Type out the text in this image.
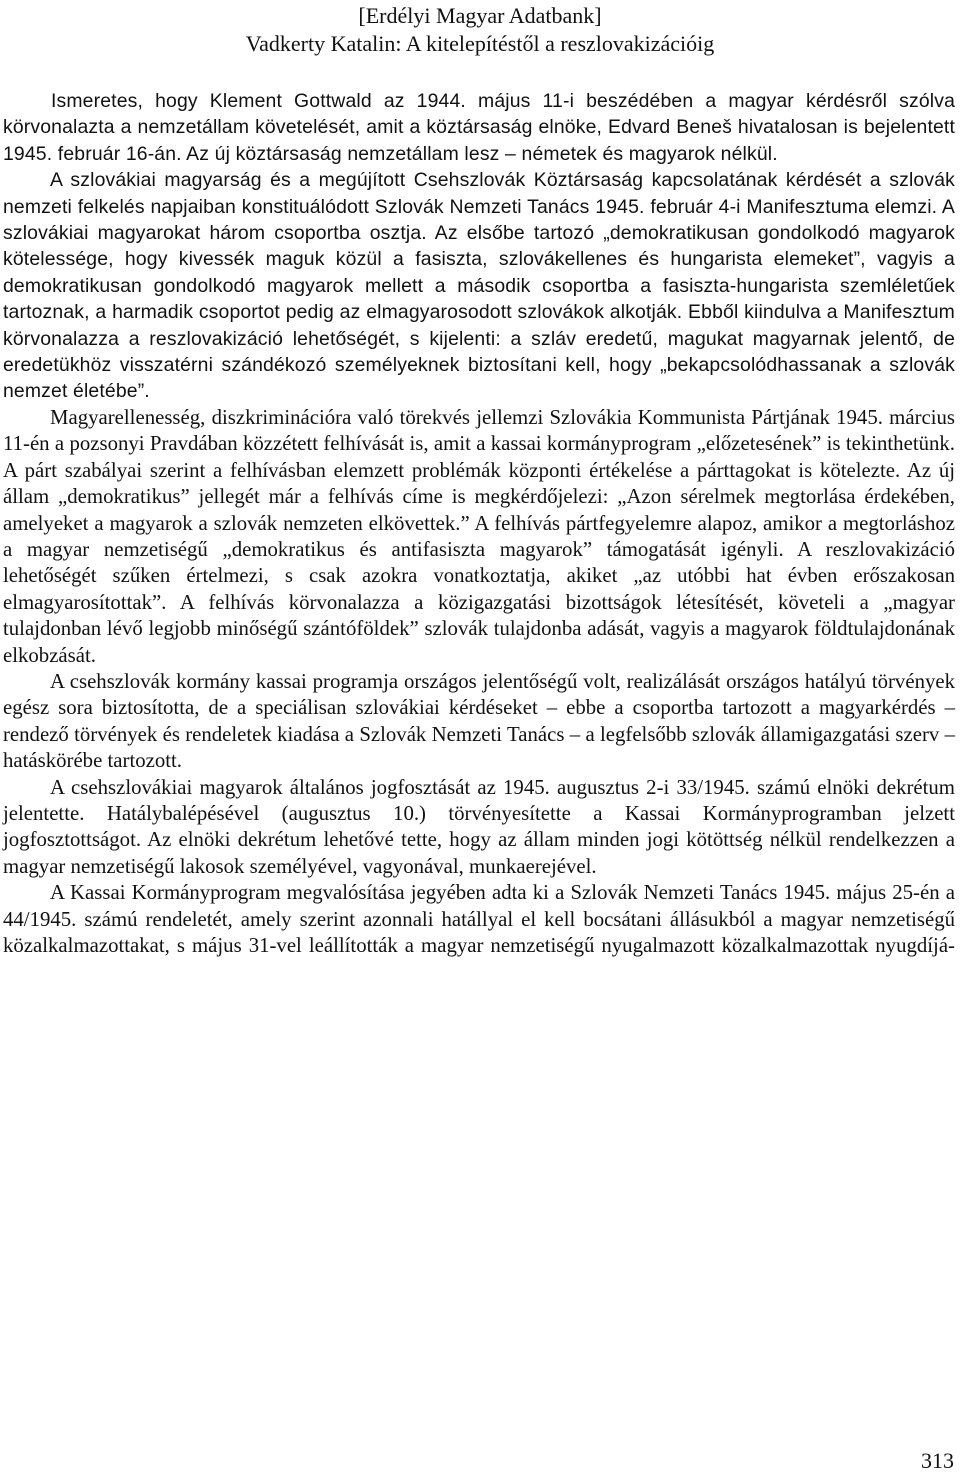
[Erdélyi Magyar Adatbank]
Vadkerty Katalin: A kitelepítéstől a reszlovakizációig

Ismeretes, hogy Klement Gottwald az 1944. május 11-i beszédében a magyar kérdésről szólva körvonalazta a nemzetállam követelését, amit a köztársaság elnöke, Edvard Beneš hivatalosan is bejelentett 1945. február 16-án. Az új köztársaság nemzetállam lesz – németek és magyarok nélkül.

A szlovákiai magyarság és a megújított Csehszlovák Köztársaság kapcsolatának kérdését a szlovák nemzeti felkelés napjaiban konstituálódott Szlovák Nemzeti Tanács 1945. február 4-i Manifesztuma elemzi. A szlovákiai magyarokat három csoportba osztja. Az elsőbe tartozó „demokratikusan gondolkodó magyarok kötelessége, hogy kivessék maguk közül a fasiszta, szlovákellenes és hungarista elemeket”, vagyis a demokratikusan gondolkodó magyarok mellett a második csoportba a fasiszta-hungarista szemléletűek tartoznak, a harmadik csoportot pedig az elmagyarosodott szlovákok alkotják. Ebből kiindulva a Manifesztum körvonalazza a reszlovakizáció lehetőségét, s kijelenti: a szláv eredetű, magukat magyarnak jelentő, de eredetükhöz visszatérni szándékozó személyeknek biztosítani kell, hogy „bekapcsolódhassanak a szlovák nemzet életébe”.

Magyarellenesség, diszkriminációra való törekvés jellemzi Szlovákia Kommunista Pártjának 1945. március 11-én a pozsonyi Pravdában közzétett felhívását is, amit a kassai kormányprogram „előzetesének” is tekinthetünk. A párt szabályai szerint a felhívásban elemzett problémák központi értékelése a párttagokat is kötelezte. Az új állam „demokratikus” jellegét már a felhívás címe is megkérdőjelezi: „Azon sérelmek megtorlása érdekében, amelyeket a magyarok a szlovák nemzeten elkövettek.” A felhívás pártfegyelemre alapoz, amikor a megtorláshoz a magyar nemzetiségű „demokratikus és antifasiszta magyarok” támogatását igényli. A reszlovakizáció lehetőségét szűken értelmezi, s csak azokra vonatkoztatja, akiket „az utóbbi hat évben erőszakosan elmagyarosítottak”. A felhívás körvonalazza a közigazgatási bizottságok létesítését, követeli a „magyar tulajdonban lévő legjobb minőségű szántóföldek” szlovák tulajdonba adását, vagyis a magyarok földtulajdonának elkobzását.

A csehszlovák kormány kassai programja országos jelentőségű volt, realizálását országos hatályú törvények egész sora biztosította, de a speciálisan szlovákiai kérdéseket – ebbe a csoportba tartozott a magyarkérdés – rendező törvények és rendeletek kiadása a Szlovák Nemzeti Tanács – a legfelsőbb szlovák államigazgatási szerv – hatáskörébe tartozott.

A csehszlovákiai magyarok általános jogfosztását az 1945. augusztus 2-i 33/1945. számú elnöki dekrétum jelentette. Hatálybalépésével (augusztus 10.) törvényesítette a Kassai Kormányprogramban jelzett jogfosztottságot. Az elnöki dekrétum lehetővé tette, hogy az állam minden jogi kötöttség nélkül rendelkezzen a magyar nemzetiségű lakosok személyével, vagyonával, munkaerejével.

A Kassai Kormányprogram megvalósítása jegyében adta ki a Szlovák Nemzeti Tanács 1945. május 25-én a 44/1945. számú rendeletét, amely szerint azonnali hatállyal el kell bocsátani állásukból a magyar nemzetiségű közalkalmazottakat, s május 31-vel leállították a magyar nemzetiségű nyugalmazott közalkalmazottak nyugdíjá-

313
